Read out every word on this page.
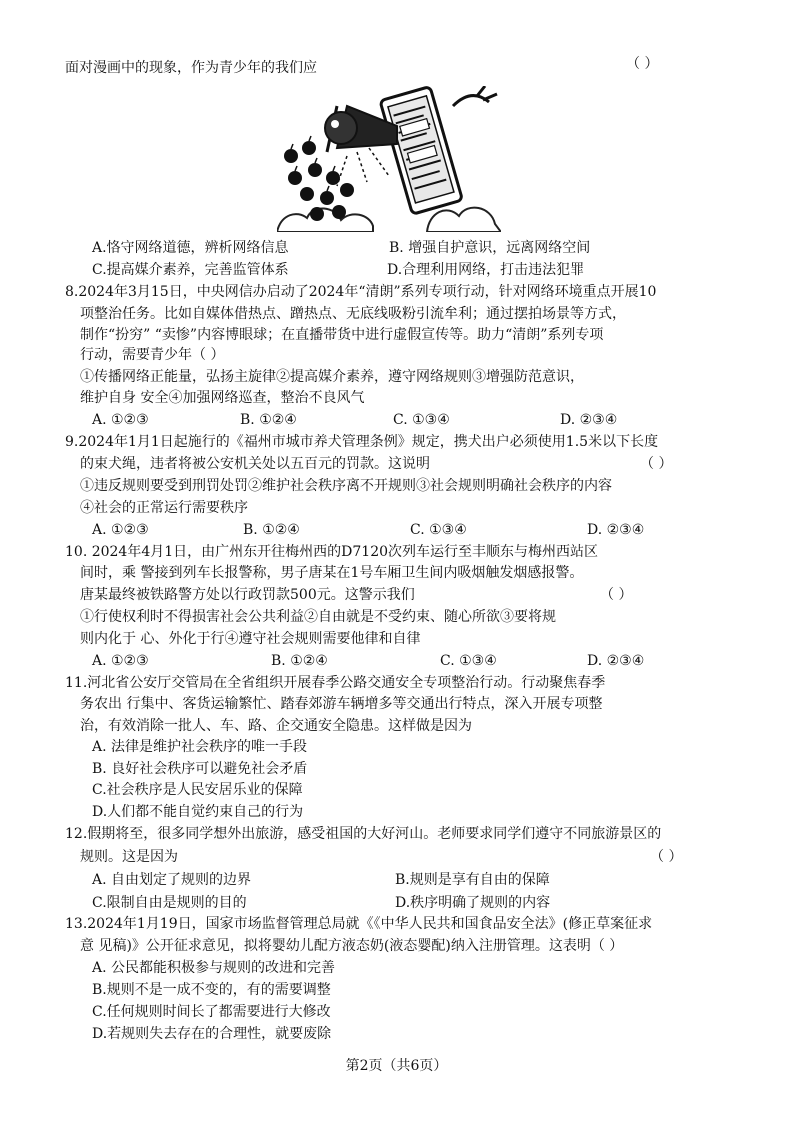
面对漫画中的现象，作为青少年的我们应	（ ）
A.恪守网络道德，辨析网络信息	B. 增强自护意识，远离网络空间
C.提高媒介素养，完善监管体系	D.合理利用网络，打击违法犯罪
8.2024年3月15日，中央网信办启动了2024年“清朗”系列专项行动，针对网络环境重点开展10
项整治任务。比如自媒体借热点、蹭热点、无底线吸粉引流牟利；通过摆拍场景等方式，
制作“扮穷” “卖惨”内容博眼球；在直播带货中进行虚假宣传等。助力“清朗”系列专项
行动，需要青少年（ ）
①传播网络正能量，弘扬主旋律②提高媒介素养，遵守网络规则③增强防范意识，
维护自身 安全④加强网络巡查，整治不良风气
A. ①②③	B. ①②④	C. ①③④	D. ②③④
9.2024年1月1日起施行的《福州市城市养犬管理条例》规定，携犬出户必须使用1.5米以下长度
的束犬绳，违者将被公安机关处以五百元的罚款。这说明	（ ）
①违反规则要受到刑罚处罚②维护社会秩序离不开规则③社会规则明确社会秩序的内容
④社会的正常运行需要秩序
A. ①②③	B. ①②④	C. ①③④	D. ②③④
10. 2024年4月1日，由广州东开往梅州西的D7120次列车运行至丰顺东与梅州西站区
间时，乘 警接到列车长报警称，男子唐某在1号车厢卫生间内吸烟触发烟感报警。
唐某最终被铁路警方处以行政罚款500元。这警示我们	（ ）
①行使权利时不得损害社会公共利益②自由就是不受约束、随心所欲③要将规
则内化于 心、外化于行④遵守社会规则需要他律和自律
A. ①②③	B. ①②④	C. ①③④	D. ②③④
11.河北省公安厅交管局在全省组织开展春季公路交通安全专项整治行动。行动聚焦春季
务农出 行集中、客货运输繁忙、踏春郊游车辆增多等交通出行特点，深入开展专项整
治，有效消除一批人、车、路、企交通安全隐患。这样做是因为
A. 法律是维护社会秩序的唯一手段
B. 良好社会秩序可以避免社会矛盾
C.社会秩序是人民安居乐业的保障
D.人们都不能自觉约束自己的行为
12.假期将至，很多同学想外出旅游，感受祖国的大好河山。老师要求同学们遵守不同旅游景区的
规则。这是因为	（ ）
A. 自由划定了规则的边界	B.规则是享有自由的保障
C.限制自由是规则的目的	D.秩序明确了规则的内容
13.2024年1月19日，国家市场监督管理总局就《《中华人民共和国食品安全法》(修正草案征求
意 见稿)》公开征求意见，拟将婴幼儿配方液态奶(液态婴配)纳入注册管理。这表明（ ）
A. 公民都能积极参与规则的改进和完善
B.规则不是一成不变的，有的需要调整
C.任何规则时间长了都需要进行大修改
D.若规则失去存在的合理性，就要废除
第2页（共6页）
